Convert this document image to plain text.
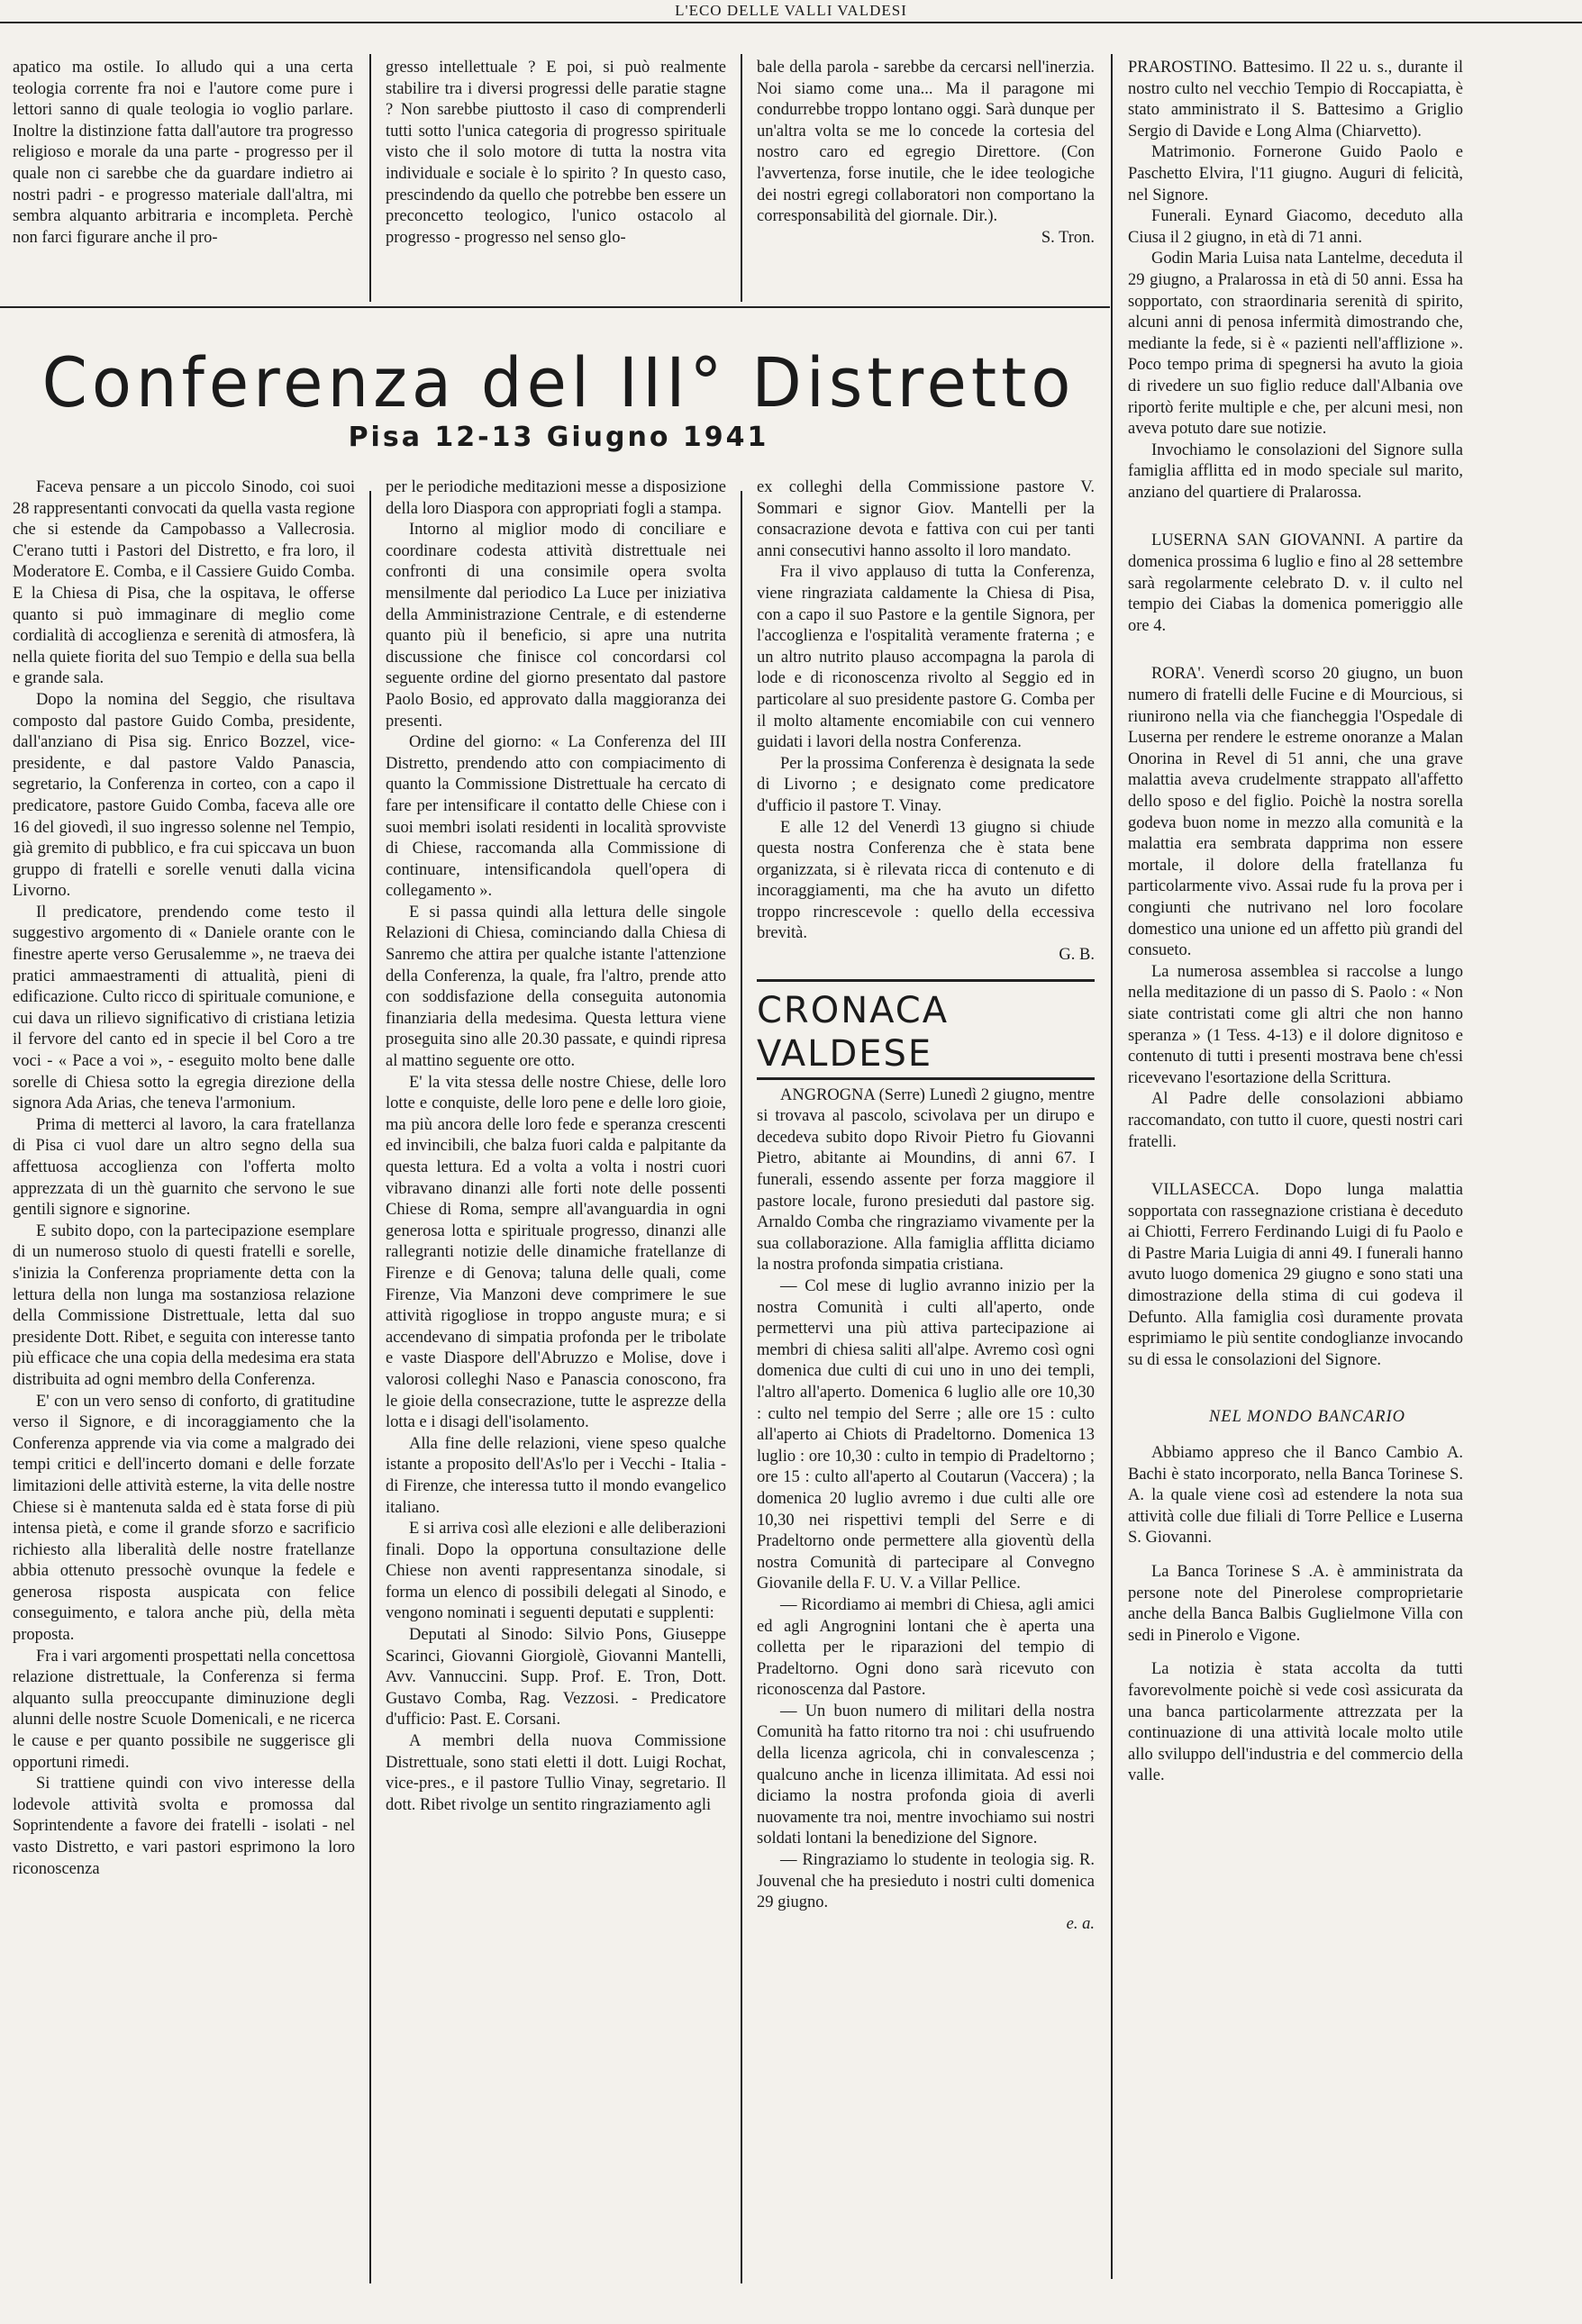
L'ECO DELLE VALLI VALDESI

apatico ma ostile. Io alludo qui a una certa teologia corrente fra noi e l'autore come pure i lettori sanno di quale teologia io voglio parlare. Inoltre la distinzione fatta dall'autore tra progresso religioso e morale da una parte - progresso per il quale non ci sarebbe che da guardare indietro ai nostri padri - e progresso materiale dall'altra, mi sembra alquanto arbitraria e incompleta. Perchè non farci figurare anche il pro-

gresso intellettuale ? E poi, si può realmente stabilire tra i diversi progressi delle paratie stagne ? Non sarebbe piuttosto il caso di comprenderli tutti sotto l'unica categoria di progresso spirituale visto che il solo motore di tutta la nostra vita individuale e sociale è lo spirito ? In questo caso, prescindendo da quello che potrebbe ben essere un preconcetto teologico, l'unico ostacolo al progresso - progresso nel senso glo-

bale della parola - sarebbe da cercarsi nell'inerzia. Noi siamo come una... Ma il paragone mi condurrebbe troppo lontano oggi. Sarà dunque per un'altra volta se me lo concede la cortesia del nostro caro ed egregio Direttore. (Con l'avvertenza, forse inutile, che le idee teologiche dei nostri egregi collaboratori non comportano la corresponsabilità del giornale. Dir.).

S. Tron.

Conferenza del III° Distretto
Pisa 12-13 Giugno 1941

Faceva pensare a un piccolo Sinodo, coi suoi 28 rappresentanti convocati da quella vasta regione che si estende da Campobasso a Vallecrosia. C'erano tutti i Pastori del Distretto, e fra loro, il Moderatore E. Comba, e il Cassiere Guido Comba. E la Chiesa di Pisa, che la ospitava, le offerse quanto si può immaginare di meglio come cordialità di accoglienza e serenità di atmosfera, là nella quiete fiorita del suo Tempio e della sua bella e grande sala.

Dopo la nomina del Seggio, che risultava composto dal pastore Guido Comba, presidente, dall'anziano di Pisa sig. Enrico Bozzel, vice-presidente, e dal pastore Valdo Panascia, segretario, la Conferenza in corteo, con a capo il predicatore, pastore Guido Comba, faceva alle ore 16 del giovedì, il suo ingresso solenne nel Tempio, già gremito di pubblico, e fra cui spiccava un buon gruppo di fratelli e sorelle venuti dalla vicina Livorno.

Il predicatore, prendendo come testo il suggestivo argomento di « Daniele orante con le finestre aperte verso Gerusalemme », ne traeva dei pratici ammaestramenti di attualità, pieni di edificazione. Culto ricco di spirituale comunione, e cui dava un rilievo significativo di cristiana letizia il fervore del canto ed in specie il bel Coro a tre voci - « Pace a voi », - eseguito molto bene dalle sorelle di Chiesa sotto la egregia direzione della signora Ada Arias, che teneva l'armonium.

Prima di metterci al lavoro, la cara fratellanza di Pisa ci vuol dare un altro segno della sua affettuosa accoglienza con l'offerta molto apprezzata di un thè guarnito che servono le sue gentili signore e signorine.

E subito dopo, con la partecipazione esemplare di un numeroso stuolo di questi fratelli e sorelle, s'inizia la Conferenza propriamente detta con la lettura della non lunga ma sostanziosa relazione della Commissione Distrettuale, letta dal suo presidente Dott. Ribet, e seguita con interesse tanto più efficace che una copia della medesima era stata distribuita ad ogni membro della Conferenza.

E' con un vero senso di conforto, di gratitudine verso il Signore, e di incoraggiamento che la Conferenza apprende via via come a malgrado dei tempi critici e dell'incerto domani e delle forzate limitazioni delle attività esterne, la vita delle nostre Chiese si è mantenuta salda ed è stata forse di più intensa pietà, e come il grande sforzo e sacrificio richiesto alla liberalità delle nostre fratellanze abbia ottenuto pressochè ovunque la fedele e generosa risposta auspicata con felice conseguimento, e talora anche più, della mèta proposta.

Fra i vari argomenti prospettati nella concettosa relazione distrettuale, la Conferenza si ferma alquanto sulla preoccupante diminuzione degli alunni delle nostre Scuole Domenicali, e ne ricerca le cause e per quanto possibile ne suggerisce gli opportuni rimedi.

Si trattiene quindi con vivo interesse della lodevole attività svolta e promossa dal Soprintendente a favore dei fratelli - isolati - nel vasto Distretto, e vari pastori esprimono la loro riconoscenza

per le periodiche meditazioni messe a disposizione della loro Diaspora con appropriati fogli a stampa.

Intorno al miglior modo di conciliare e coordinare codesta attività distrettuale nei confronti di una consimile opera svolta mensilmente dal periodico La Luce per iniziativa della Amministrazione Centrale, e di estenderne quanto più il beneficio, si apre una nutrita discussione che finisce col concordarsi col seguente ordine del giorno presentato dal pastore Paolo Bosio, ed approvato dalla maggioranza dei presenti.

Ordine del giorno: « La Conferenza del III Distretto, prendendo atto con compiacimento di quanto la Commissione Distrettuale ha cercato di fare per intensificare il contatto delle Chiese con i suoi membri isolati residenti in località sprovviste di Chiese, raccomanda alla Commissione di continuare, intensificandola quell'opera di collegamento ».

E si passa quindi alla lettura delle singole Relazioni di Chiesa, cominciando dalla Chiesa di Sanremo che attira per qualche istante l'attenzione della Conferenza, la quale, fra l'altro, prende atto con soddisfazione della conseguita autonomia finanziaria della medesima. Questa lettura viene proseguita sino alle 20.30 passate, e quindi ripresa al mattino seguente ore otto.

E' la vita stessa delle nostre Chiese, delle loro lotte e conquiste, delle loro pene e delle loro gioie, ma più ancora delle loro fede e speranza crescenti ed invincibili, che balza fuori calda e palpitante da questa lettura. Ed a volta a volta i nostri cuori vibravano dinanzi alle forti note delle possenti Chiese di Roma, sempre all'avanguardia in ogni generosa lotta e spirituale progresso, dinanzi alle rallegranti notizie delle dinamiche fratellanze di Firenze e di Genova; taluna delle quali, come Firenze, Via Manzoni deve comprimere le sue attività rigogliose in troppo anguste mura; e si accendevano di simpatia profonda per le tribolate e vaste Diaspore dell'Abruzzo e Molise, dove i valorosi colleghi Naso e Panascia conoscono, fra le gioie della consecrazione, tutte le asprezze della lotta e i disagi dell'isolamento.

Alla fine delle relazioni, viene speso qualche istante a proposito dell'As'lo per i Vecchi - Italia - di Firenze, che interessa tutto il mondo evangelico italiano.

E si arriva così alle elezioni e alle deliberazioni finali. Dopo la opportuna consultazione delle Chiese non aventi rappresentanza sinodale, si forma un elenco di possibili delegati al Sinodo, e vengono nominati i seguenti deputati e supplenti:

Deputati al Sinodo: Silvio Pons, Giuseppe Scarinci, Giovanni Giorgiolè, Giovanni Mantelli, Avv. Vannuccini. Supp. Prof. E. Tron, Dott. Gustavo Comba, Rag. Vezzosi. - Predicatore d'ufficio: Past. E. Corsani.

A membri della nuova Commissione Distrettuale, sono stati eletti il dott. Luigi Rochat, vice-pres., e il pastore Tullio Vinay, segretario. Il dott. Ribet rivolge un sentito ringraziamento agli

ex colleghi della Commissione pastore V. Sommari e signor Giov. Mantelli per la consacrazione devota e fattiva con cui per tanti anni consecutivi hanno assolto il loro mandato.

Fra il vivo applauso di tutta la Conferenza, viene ringraziata caldamente la Chiesa di Pisa, con a capo il suo Pastore e la gentile Signora, per l'accoglienza e l'ospitalità veramente fraterna ; e un altro nutrito plauso accompagna la parola di lode e di riconoscenza rivolto al Seggio ed in particolare al suo presidente pastore G. Comba per il molto altamente encomiabile con cui vennero guidati i lavori della nostra Conferenza.

Per la prossima Conferenza è designata la sede di Livorno ; e designato come predicatore d'ufficio il pastore T. Vinay.

E alle 12 del Venerdì 13 giugno si chiude questa nostra Conferenza che è stata bene organizzata, si è rilevata ricca di contenuto e di incoraggiamenti, ma che ha avuto un difetto troppo rincrescevole : quello della eccessiva brevità.

G. B.

CRONACA VALDESE

ANGROGNA (Serre) Lunedì 2 giugno, mentre si trovava al pascolo, scivolava per un dirupo e decedeva subito dopo Rivoir Pietro fu Giovanni Pietro, abitante ai Moundins, di anni 67. I funerali, essendo assente per forza maggiore il pastore locale, furono presieduti dal pastore sig. Arnaldo Comba che ringraziamo vivamente per la sua collaborazione. Alla famiglia afflitta diciamo la nostra profonda simpatia cristiana.

— Col mese di luglio avranno inizio per la nostra Comunità i culti all'aperto, onde permettervi una più attiva partecipazione ai membri di chiesa saliti all'alpe. Avremo così ogni domenica due culti di cui uno in uno dei templi, l'altro all'aperto. Domenica 6 luglio alle ore 10,30 : culto nel tempio del Serre ; alle ore 15 : culto all'aperto ai Chiots di Pradeltorno. Domenica 13 luglio : ore 10,30 : culto in tempio di Pradeltorno ; ore 15 : culto all'aperto al Coutarun (Vaccera) ; la domenica 20 luglio avremo i due culti alle ore 10,30 nei rispettivi templi del Serre e di Pradeltorno onde permettere alla gioventù della nostra Comunità di partecipare al Convegno Giovanile della F. U. V. a Villar Pellice.

— Ricordiamo ai membri di Chiesa, agli amici ed agli Angrognini lontani che è aperta una colletta per le riparazioni del tempio di Pradeltorno. Ogni dono sarà ricevuto con riconoscenza dal Pastore.

— Un buon numero di militari della nostra Comunità ha fatto ritorno tra noi : chi usufruendo della licenza agricola, chi in convalescenza ; qualcuno anche in licenza illimitata. Ad essi noi diciamo la nostra profonda gioia di averli nuovamente tra noi, mentre invochiamo sui nostri soldati lontani la benedizione del Signore.

— Ringraziamo lo studente in teologia sig. R. Jouvenal che ha presieduto i nostri culti domenica 29 giugno.

e. a.

PRAROSTINO. Battesimo. Il 22 u. s., durante il nostro culto nel vecchio Tempio di Roccapiatta, è stato amministrato il S. Battesimo a Griglio Sergio di Davide e Long Alma (Chiarvetto).

Matrimonio. Fornerone Guido Paolo e Paschetto Elvira, l'11 giugno. Auguri di felicità, nel Signore.

Funerali. Eynard Giacomo, deceduto alla Ciusa il 2 giugno, in età di 71 anni.

Godin Maria Luisa nata Lantelme, deceduta il 29 giugno, a Pralarossa in età di 50 anni. Essa ha sopportato, con straordinaria serenità di spirito, alcuni anni di penosa infermità dimostrando che, mediante la fede, si è « pazienti nell'afflizione ». Poco tempo prima di spegnersi ha avuto la gioia di rivedere un suo figlio reduce dall'Albania ove riportò ferite multiple e che, per alcuni mesi, non aveva potuto dare sue notizie.

Invochiamo le consolazioni del Signore sulla famiglia afflitta ed in modo speciale sul marito, anziano del quartiere di Pralarossa.

LUSERNA SAN GIOVANNI. A partire da domenica prossima 6 luglio e fino al 28 settembre sarà regolarmente celebrato D. v. il culto nel tempio dei Ciabas la domenica pomeriggio alle ore 4.

RORA'. Venerdì scorso 20 giugno, un buon numero di fratelli delle Fucine e di Mourcious, si riunirono nella via che fiancheggia l'Ospedale di Luserna per rendere le estreme onoranze a Malan Onorina in Revel di 51 anni, che una grave malattia aveva crudelmente strappato all'affetto dello sposo e del figlio. Poichè la nostra sorella godeva buon nome in mezzo alla comunità e la malattia era sembrata dapprima non essere mortale, il dolore della fratellanza fu particolarmente vivo. Assai rude fu la prova per i congiunti che nutrivano nel loro focolare domestico una unione ed un affetto più grandi del consueto.

La numerosa assemblea si raccolse a lungo nella meditazione di un passo di S. Paolo : « Non siate contristati come gli altri che non hanno speranza » (1 Tess. 4-13) e il dolore dignitoso e contenuto di tutti i presenti mostrava bene ch'essi ricevevano l'esortazione della Scrittura.

Al Padre delle consolazioni abbiamo raccomandato, con tutto il cuore, questi nostri cari fratelli.

VILLASECCA. Dopo lunga malattia sopportata con rassegnazione cristiana è deceduto ai Chiotti, Ferrero Ferdinando Luigi di fu Paolo e di Pastre Maria Luigia di anni 49. I funerali hanno avuto luogo domenica 29 giugno e sono stati una dimostrazione della stima di cui godeva il Defunto. Alla famiglia così duramente provata esprimiamo le più sentite condoglianze invocando su di essa le consolazioni del Signore.

NEL MONDO BANCARIO

Abbiamo appreso che il Banco Cambio A. Bachi è stato incorporato, nella Banca Torinese S. A. la quale viene così ad estendere la nota sua attività colle due filiali di Torre Pellice e Luserna S. Giovanni.

La Banca Torinese S .A. è amministrata da persone note del Pinerolese comproprietarie anche della Banca Balbis Guglielmone Villa con sedi in Pinerolo e Vigone.

La notizia è stata accolta da tutti favorevolmente poichè si vede così assicurata da una banca particolarmente attrezzata per la continuazione di una attività locale molto utile allo sviluppo dell'industria e del commercio della valle.
